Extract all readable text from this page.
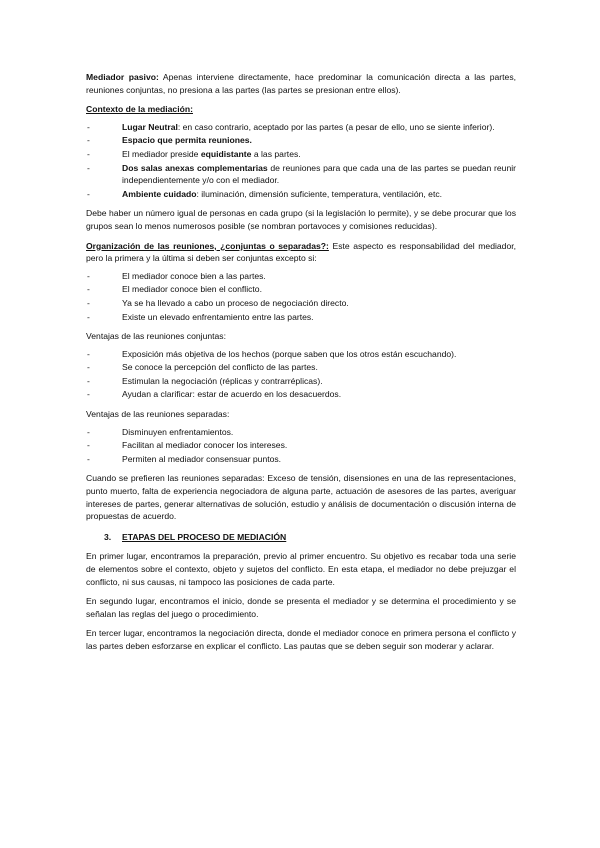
Mediador pasivo: Apenas interviene directamente, hace predominar la comunicación directa a las partes, reuniones conjuntas, no presiona a las partes (las partes se presionan entre ellos).

Contexto de la mediación:

-	Lugar Neutral: en caso contrario, aceptado por las partes (a pesar de ello, uno se siente inferior).
-	Espacio que permita reuniones.
-	El mediador preside equidistante a las partes.
-	Dos salas anexas complementarias de reuniones para que cada una de las partes se puedan reunir independientemente y/o con el mediador.
-	Ambiente cuidado: iluminación, dimensión suficiente, temperatura, ventilación, etc.

Debe haber un número igual de personas en cada grupo (si la legislación lo permite), y se debe procurar que los grupos sean lo menos numerosos posible (se nombran portavoces y comisiones reducidas).

Organización de las reuniones, ¿conjuntas o separadas?: Este aspecto es responsabilidad del mediador, pero la primera y la última si deben ser conjuntas excepto si:

-	El mediador conoce bien a las partes.
-	El mediador conoce bien el conflicto.
-	Ya se ha llevado a cabo un proceso de negociación directo.
-	Existe un elevado enfrentamiento entre las partes.

Ventajas de las reuniones conjuntas:

-	Exposición más objetiva de los hechos (porque saben que los otros están escuchando).
-	Se conoce la percepción del conflicto de las partes.
-	Estimulan la negociación (réplicas y contrarréplicas).
-	Ayudan a clarificar: estar de acuerdo en los desacuerdos.

Ventajas de las reuniones separadas:

-	Disminuyen enfrentamientos.
-	Facilitan al mediador conocer los intereses.
-	Permiten al mediador consensuar puntos.

Cuando se prefieren las reuniones separadas: Exceso de tensión, disensiones en una de las representaciones, punto muerto, falta de experiencia negociadora de alguna parte, actuación de asesores de las partes, averiguar intereses de partes, generar alternativas de solución, estudio y análisis de documentación o discusión interna de propuestas de acuerdo.

3. ETAPAS DEL PROCESO DE MEDIACIÓN

En primer lugar, encontramos la preparación, previo al primer encuentro. Su objetivo es recabar toda una serie de elementos sobre el contexto, objeto y sujetos del conflicto. En esta etapa, el mediador no debe prejuzgar el conflicto, ni sus causas, ni tampoco las posiciones de cada parte.

En segundo lugar, encontramos el inicio, donde se presenta el mediador y se determina el procedimiento y se señalan las reglas del juego o procedimiento.

En tercer lugar, encontramos la negociación directa, donde el mediador conoce en primera persona el conflicto y las partes deben esforzarse en explicar el conflicto. Las pautas que se deben seguir son moderar y aclarar.
